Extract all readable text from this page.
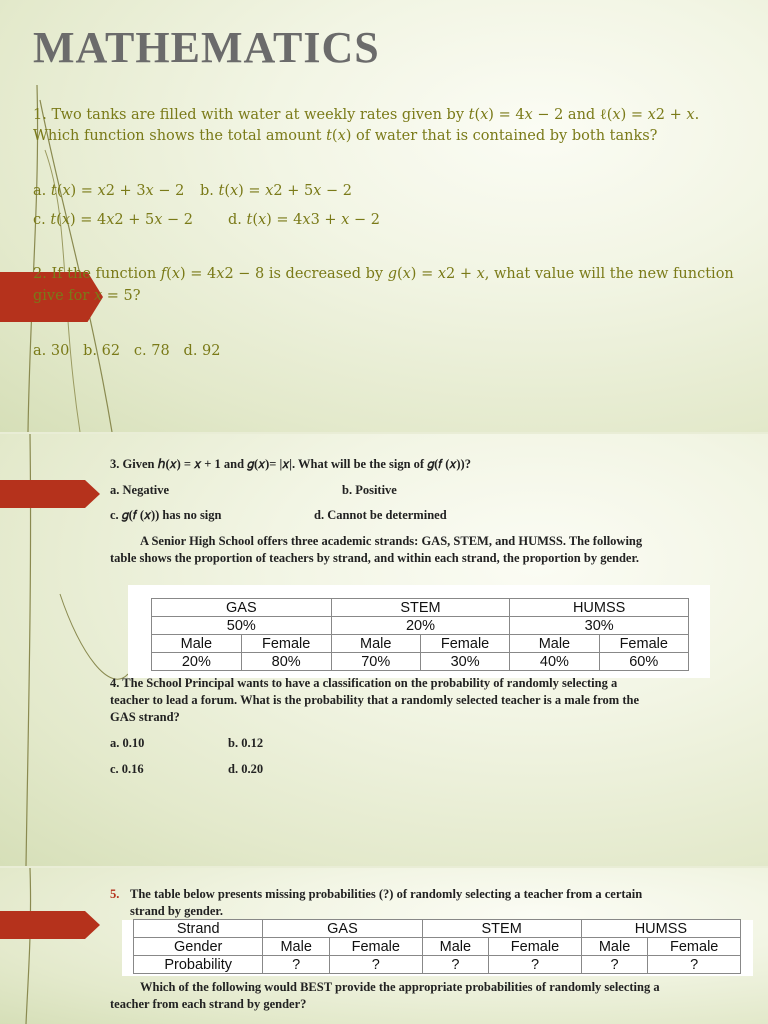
MATHEMATICS
1. Two tanks are filled with water at weekly rates given by 𝑡(𝑥) = 4𝑥 − 2 and ℓ(𝑥) = 𝑥2 + 𝑥.
Which function shows the total amount 𝑡(𝑥) of water that is contained by both tanks?
a. 𝑡(𝑥) = 𝑥2 + 3𝑥 − 2 b. 𝑡(𝑥) = 𝑥2 + 5𝑥 − 2
c. 𝑡(𝑥) = 4𝑥2 + 5𝑥 − 2 d. 𝑡(𝑥) = 4𝑥3 + 𝑥 − 2
2. If the function 𝑓(𝑥) = 4𝑥2 − 8 is decreased by 𝑔(𝑥) = 𝑥2 + 𝑥, what value will the new function
give for 𝑥 = 5?
a. 30   b. 62   c. 78   d. 92
3. Given ℎ(𝑥) = 𝑥 + 1 and 𝑔(𝑥)= |𝑥|. What will be the sign of 𝑔(𝑓 (𝑥))?
a. Negative	b. Positive
c. 𝑔(𝑓 (𝑥)) has no sign	d. Cannot be determined
A Senior High School offers three academic strands: GAS, STEM, and HUMSS. The following
table shows the proportion of teachers by strand, and within each strand, the proportion by gender.
GAS		STEM		HUMSS	
50%		20%		30%	
Male	Female	Male	Female	Male	Female
20%	80%	70%	30%	40%	60%
4. The School Principal wants to have a classification on the probability of randomly selecting a
teacher to lead a forum. What is the probability that a randomly selected teacher is a male from the
GAS strand?
a. 0.10	b. 0.12
c. 0.16	d. 0.20
5. The table below presents missing probabilities (?) of randomly selecting a teacher from a certain
strand by gender.
Strand	GAS		STEM		HUMSS	
Gender	Male	Female	Male	Female	Male	Female
Probability	?	?	?	?	?	?
Which of the following would BEST provide the appropriate probabilities of randomly selecting a
teacher from each strand by gender?
